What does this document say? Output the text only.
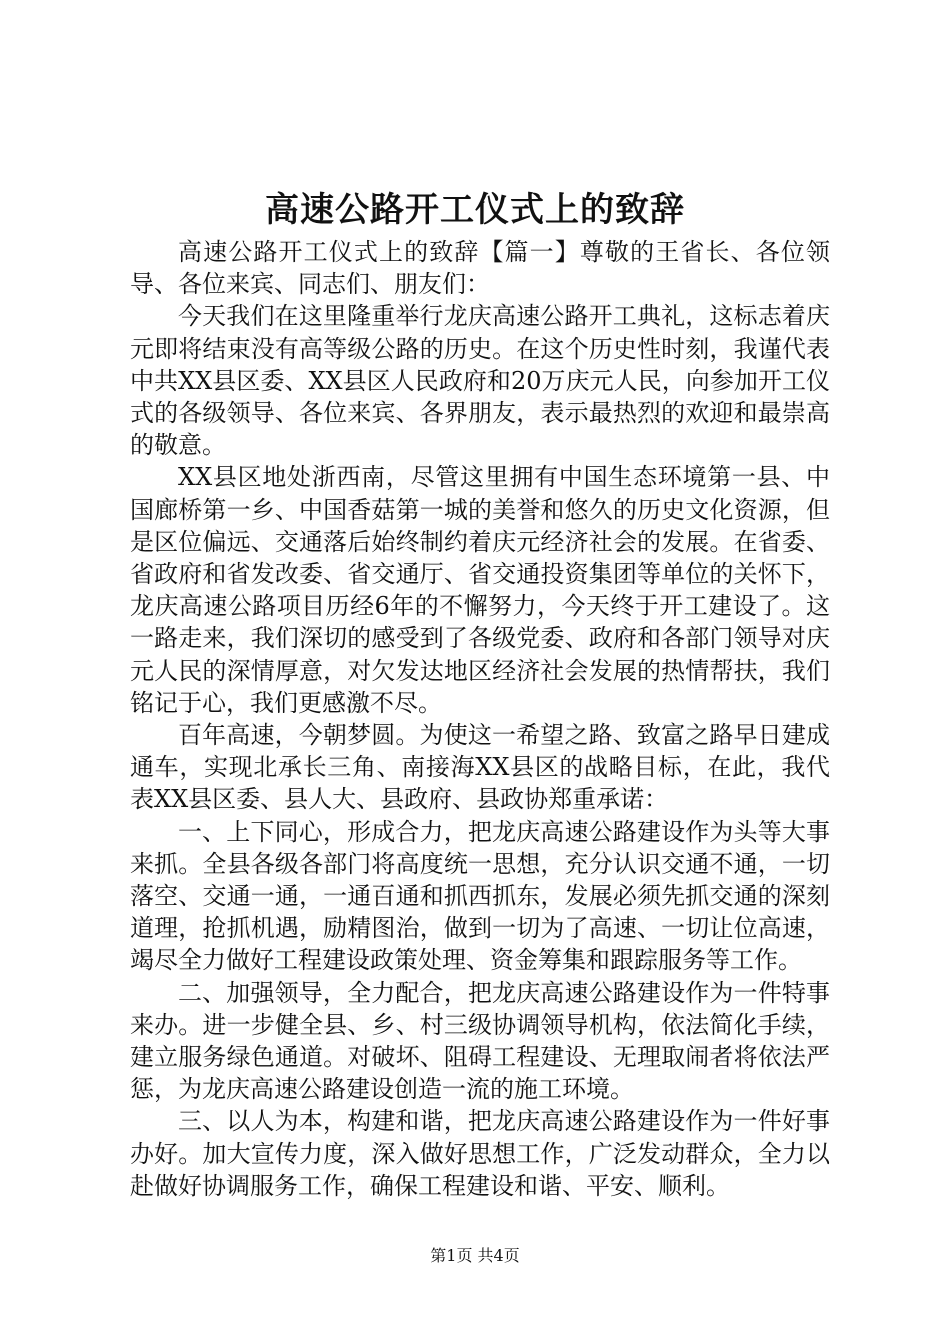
高速公路开工仪式上的致辞

高速公路开工仪式上的致辞【篇一】尊敬的王省长、各位领导、各位来宾、同志们、朋友们：

今天我们在这里隆重举行龙庆高速公路开工典礼，这标志着庆元即将结束没有高等级公路的历史。在这个历史性时刻，我谨代表中共XX县区委、XX县区人民政府和20万庆元人民，向参加开工仪式的各级领导、各位来宾、各界朋友，表示最热烈的欢迎和最崇高的敬意。

XX县区地处浙西南，尽管这里拥有中国生态环境第一县、中国廊桥第一乡、中国香菇第一城的美誉和悠久的历史文化资源，但是区位偏远、交通落后始终制约着庆元经济社会的发展。在省委、省政府和省发改委、省交通厅、省交通投资集团等单位的关怀下，龙庆高速公路项目历经6年的不懈努力，今天终于开工建设了。这一路走来，我们深切的感受到了各级党委、政府和各部门领导对庆元人民的深情厚意，对欠发达地区经济社会发展的热情帮扶，我们铭记于心，我们更感激不尽。

百年高速，今朝梦圆。为使这一希望之路、致富之路早日建成通车，实现北承长三角、南接海XX县区的战略目标，在此，我代表XX县区委、县人大、县政府、县政协郑重承诺：

一、上下同心，形成合力，把龙庆高速公路建设作为头等大事来抓。全县各级各部门将高度统一思想，充分认识交通不通，一切落空、交通一通，一通百通和抓西抓东，发展必须先抓交通的深刻道理，抢抓机遇，励精图治，做到一切为了高速、一切让位高速，竭尽全力做好工程建设政策处理、资金筹集和跟踪服务等工作。

二、加强领导，全力配合，把龙庆高速公路建设作为一件特事来办。进一步健全县、乡、村三级协调领导机构，依法简化手续，建立服务绿色通道。对破坏、阻碍工程建设、无理取闹者将依法严惩，为龙庆高速公路建设创造一流的施工环境。

三、以人为本，构建和谐，把龙庆高速公路建设作为一件好事办好。加大宣传力度，深入做好思想工作，广泛发动群众，全力以赴做好协调服务工作，确保工程建设和谐、平安、顺利。

第1页 共4页
